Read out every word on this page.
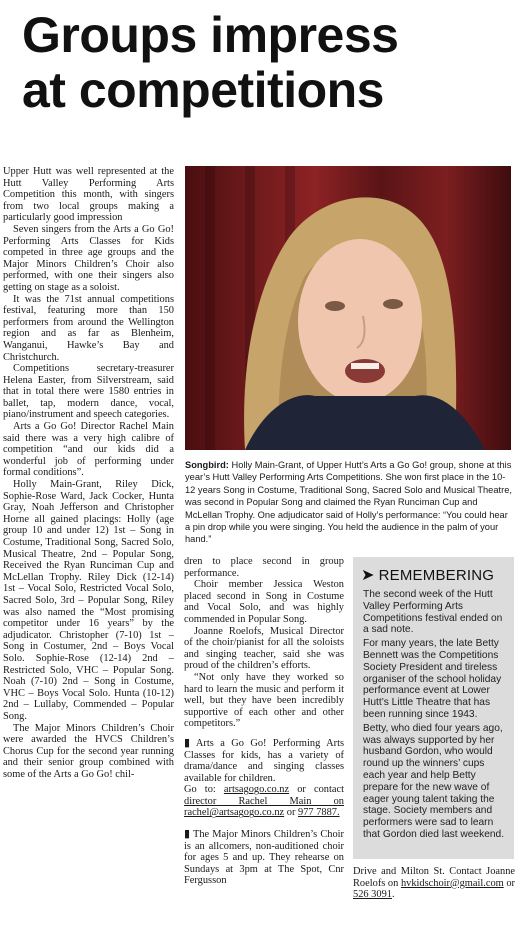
Groups impress
at competitions

Upper Hutt was well represented at the Hutt Valley Performing Arts Competition this month, with singers from two local groups making a particularly good impression

Seven singers from the Arts a Go Go! Performing Arts Classes for Kids competed in three age groups and the Major Minors Children’s Choir also performed, with one their singers also getting on stage as a soloist.

It was the 71st annual competitions festival, featuring more than 150 performers from around the Wellington region and as far as Blenheim, Wanganui, Hawke’s Bay and Christchurch.

Competitions secretary-treasurer Helena Easter, from Silverstream, said that in total there were 1580 entries in ballet, tap, modern dance, vocal, piano/instrument and speech categories.

Arts a Go Go! Director Rachel Main said there was a very high calibre of competition “and our kids did a wonderful job of performing under formal conditions”.

Holly Main-Grant, Riley Dick, Sophie-Rose Ward, Jack Cocker, Hunta Gray, Noah Jefferson and Christopher Horne all gained placings: Holly (age group 10 and under 12) 1st – Song in Costume, Traditional Song, Sacred Solo, Musical Theatre, 2nd – Popular Song, Received the Ryan Runciman Cup and McLellan Trophy. Riley Dick (12-14) 1st – Vocal Solo, Restricted Vocal Solo, Sacred Solo, 3rd – Popular Song, Riley was also named the “Most promising competitor under 16 years” by the adjudicator. Christopher (7-10) 1st – Song in Costumer, 2nd – Boys Vocal Solo. Sophie-Rose (12-14) 2nd – Restricted Solo, VHC – Popular Song. Noah (7-10) 2nd – Song in Costume, VHC – Boys Vocal Solo. Hunta (10-12) 2nd – Lullaby, Commended – Popular Song.

The Major Minors Children’s Choir were awarded the HVCS Children’s Chorus Cup for the second year running and their senior group combined with some of the Arts a Go Go! chil-

Songbird: Holly Main-Grant, of Upper Hutt’s Arts a Go Go! group, shone at this year’s Hutt Valley Performing Arts Competitions. She won first place in the 10-12 years Song in Costume, Traditional Song, Sacred Solo and Musical Theatre, was second in Popular Song and claimed the Ryan Runciman Cup and McLellan Trophy. One adjudicator said of Holly’s performance: “You could hear a pin drop while you were singing. You held the audience in the palm of your hand.”

dren to place second in group performance.

Choir member Jessica Weston placed second in Song in Costume and Vocal Solo, and was highly commended in Popular Song.

Joanne Roelofs, Musical Director of the choir/pianist for all the soloists and singing teacher, said she was proud of the children’s efforts.

“Not only have they worked so hard to learn the music and perform it well, but they have been incredibly supportive of each other and other competitors.”

▮ Arts a Go Go! Performing Arts Classes for kids, has a variety of drama/dance and singing classes available for children.

Go to: artsagogo.co.nz or contact director Rachel Main on rachel@artsagogo.co.nz or 977 7887.

▮ The Major Minors Children’s Choir is an allcomers, non-auditioned choir for ages 5 and up. They rehearse on Sundays at 3pm at The Spot, Cnr Fergusson

➤ REMEMBERING

The second week of the Hutt Valley Performing Arts Competitions festival ended on a sad note.

For many years, the late Betty Bennett was the Competitions Society President and tireless organiser of the school holiday performance event at Lower Hutt’s Little Theatre that has been running since 1943.

Betty, who died four years ago, was always supported by her husband Gordon, who would round up the winners’ cups each year and help Betty prepare for the new wave of eager young talent taking the stage. Society members and performers were sad to learn that Gordon died last weekend.

Drive and Milton St. Contact Joanne Roelofs on hvkidschoir@gmail.com or 526 3091.
